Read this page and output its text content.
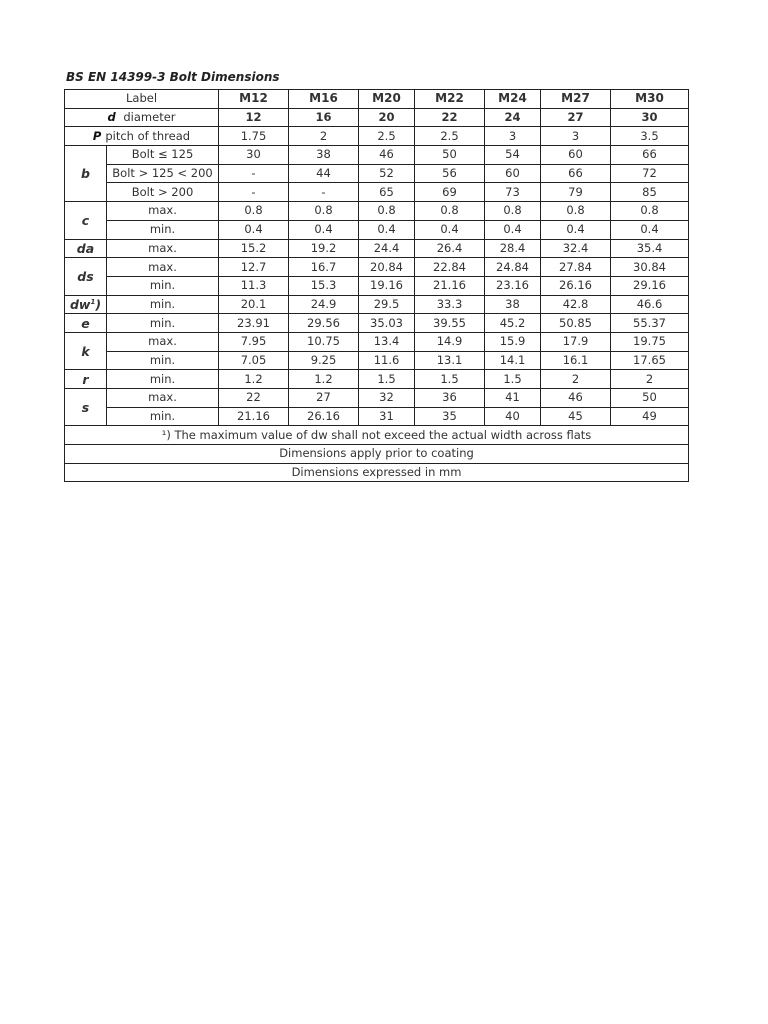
BS EN 14399-3 Bolt Dimensions
Label		M12	M16	M20	M22	M24	M27	M30
d diameter		12	16	20	22	24	27	30
P pitch of thread		1.75	2	2.5	2.5	3	3	3.5
b	Bolt ≤ 125	30	38	46	50	54	60	66
	Bolt > 125 < 200	-	44	52	56	60	66	72
	Bolt > 200	-	-	65	69	73	79	85
c	max.	0.8	0.8	0.8	0.8	0.8	0.8	0.8
	min.	0.4	0.4	0.4	0.4	0.4	0.4	0.4
da	max.	15.2	19.2	24.4	26.4	28.4	32.4	35.4
ds	max.	12.7	16.7	20.84	22.84	24.84	27.84	30.84
	min.	11.3	15.3	19.16	21.16	23.16	26.16	29.16
$dw^1$)	min.	20.1	24.9	29.5	33.3	38	42.8	46.6
e	min.	23.91	29.56	35.03	39.55	45.2	50.85	55.37
k	max.	7.95	10.75	13.4	14.9	15.9	17.9	19.75
	min.	7.05	9.25	11.6	13.1	14.1	16.1	17.65
r	min.	1.2	1.2	1.5	1.5	1.5	2	2
s	max.	22	27	32	36	41	46	50
	min.	21.16	26.16	31	35	40	45	49
¹) The maximum value of dw shall not exceed the actual width across flats								
Dimensions apply prior to coating								
Dimensions expressed in mm								
